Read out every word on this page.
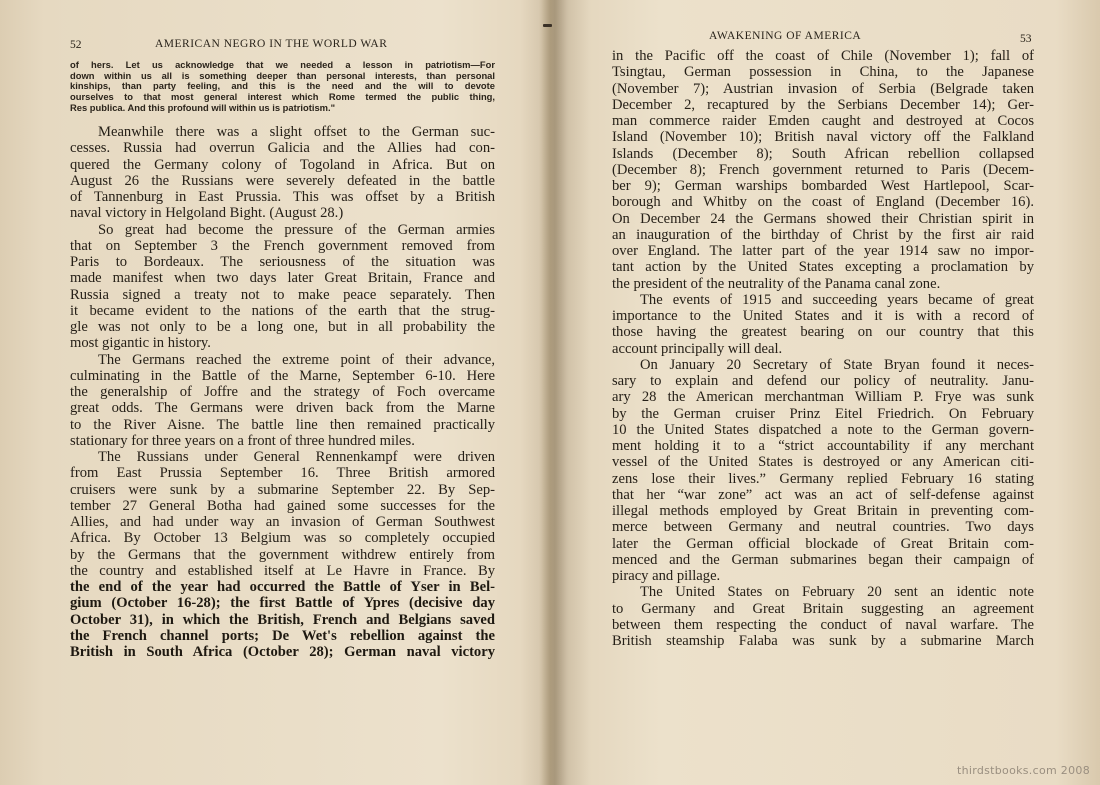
52	AMERICAN NEGRO IN THE WORLD WAR
of hers. Let us acknowledge that we needed a lesson in patriotism—For
down within us all is something deeper than personal interests, than personal
kinships, than party feeling, and this is the need and the will to devote
ourselves to that most general interest which Rome termed the public thing,
Res publica. And this profound will within us is patriotism."
Meanwhile there was a slight offset to the German suc-
cesses. Russia had overrun Galicia and the Allies had con-
quered the Germany colony of Togoland in Africa. But on
August 26 the Russians were severely defeated in the battle
of Tannenburg in East Prussia. This was offset by a British
naval victory in Helgoland Bight. (August 28.)
So great had become the pressure of the German armies
that on September 3 the French government removed from
Paris to Bordeaux. The seriousness of the situation was
made manifest when two days later Great Britain, France and
Russia signed a treaty not to make peace separately. Then
it became evident to the nations of the earth that the strug-
gle was not only to be a long one, but in all probability the
most gigantic in history.
The Germans reached the extreme point of their advance,
culminating in the Battle of the Marne, September 6-10. Here
the generalship of Joffre and the strategy of Foch overcame
great odds. The Germans were driven back from the Marne
to the River Aisne. The battle line then remained practically
stationary for three years on a front of three hundred miles.
The Russians under General Rennenkampf were driven
from East Prussia September 16. Three British armored
cruisers were sunk by a submarine September 22. By Sep-
tember 27 General Botha had gained some successes for the
Allies, and had under way an invasion of German Southwest
Africa. By October 13 Belgium was so completely occupied
by the Germans that the government withdrew entirely from
the country and established itself at Le Havre in France. By
the end of the year had occurred the Battle of Yser in Bel-
gium (October 16-28); the first Battle of Ypres (decisive day
October 31), in which the British, French and Belgians saved
the French channel ports; De Wet's rebellion against the
British in South Africa (October 28); German naval victory
AWAKENING OF AMERICA	53
in the Pacific off the coast of Chile (November 1); fall of
Tsingtau, German possession in China, to the Japanese
(November 7); Austrian invasion of Serbia (Belgrade taken
December 2, recaptured by the Serbians December 14); Ger-
man commerce raider Emden caught and destroyed at Cocos
Island (November 10); British naval victory off the Falkland
Islands (December 8); South African rebellion collapsed
(December 8); French government returned to Paris (Decem-
ber 9); German warships bombarded West Hartlepool, Scar-
borough and Whitby on the coast of England (December 16).
On December 24 the Germans showed their Christian spirit in
an inauguration of the birthday of Christ by the first air raid
over England. The latter part of the year 1914 saw no impor-
tant action by the United States excepting a proclamation by
the president of the neutrality of the Panama canal zone.
The events of 1915 and succeeding years became of great
importance to the United States and it is with a record of
those having the greatest bearing on our country that this
account principally will deal.
On January 20 Secretary of State Bryan found it neces-
sary to explain and defend our policy of neutrality. Janu-
ary 28 the American merchantman William P. Frye was sunk
by the German cruiser Prinz Eitel Friedrich. On February
10 the United States dispatched a note to the German govern-
ment holding it to a “strict accountability if any merchant
vessel of the United States is destroyed or any American citi-
zens lose their lives.” Germany replied February 16 stating
that her “war zone” act was an act of self-defense against
illegal methods employed by Great Britain in preventing com-
merce between Germany and neutral countries. Two days
later the German official blockade of Great Britain com-
menced and the German submarines began their campaign of
piracy and pillage.
The United States on February 20 sent an identic note
to Germany and Great Britain suggesting an agreement
between them respecting the conduct of naval warfare. The
British steamship Falaba was sunk by a submarine March
thirdstbooks.com 2008
